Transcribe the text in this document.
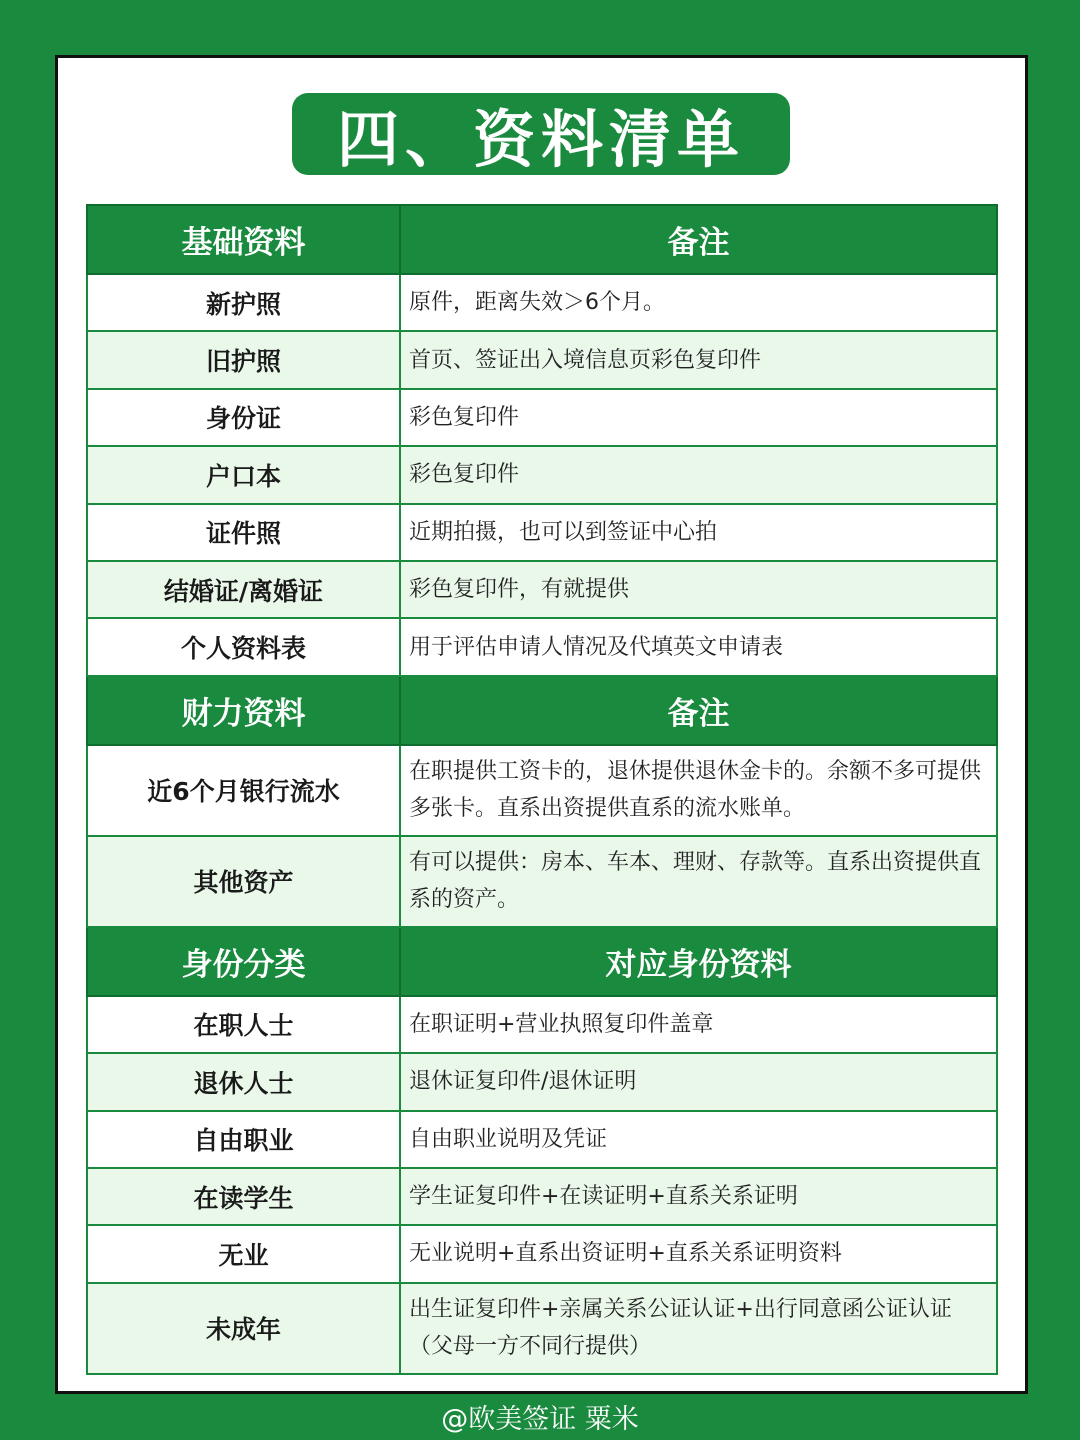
四、资料清单
基础资料	备注
新护照	原件，距离失效＞6个月。
旧护照	首页、签证出入境信息页彩色复印件
身份证	彩色复印件
户口本	彩色复印件
证件照	近期拍摄，也可以到签证中心拍
结婚证/离婚证	彩色复印件，有就提供
个人资料表	用于评估申请人情况及代填英文申请表
财力资料	备注
近6个月银行流水	在职提供工资卡的，退休提供退休金卡的。余额不多可提供多张卡。直系出资提供直系的流水账单。
其他资产	有可以提供：房本、车本、理财、存款等。直系出资提供直系的资产。
身份分类	对应身份资料
在职人士	在职证明+营业执照复印件盖章
退休人士	退休证复印件/退休证明
自由职业	自由职业说明及凭证
在读学生	学生证复印件+在读证明+直系关系证明
无业	无业说明+直系出资证明+直系关系证明资料
未成年	出生证复印件+亲属关系公证认证+出行同意函公证认证（父母一方不同行提供）
@欧美签证 粟米
